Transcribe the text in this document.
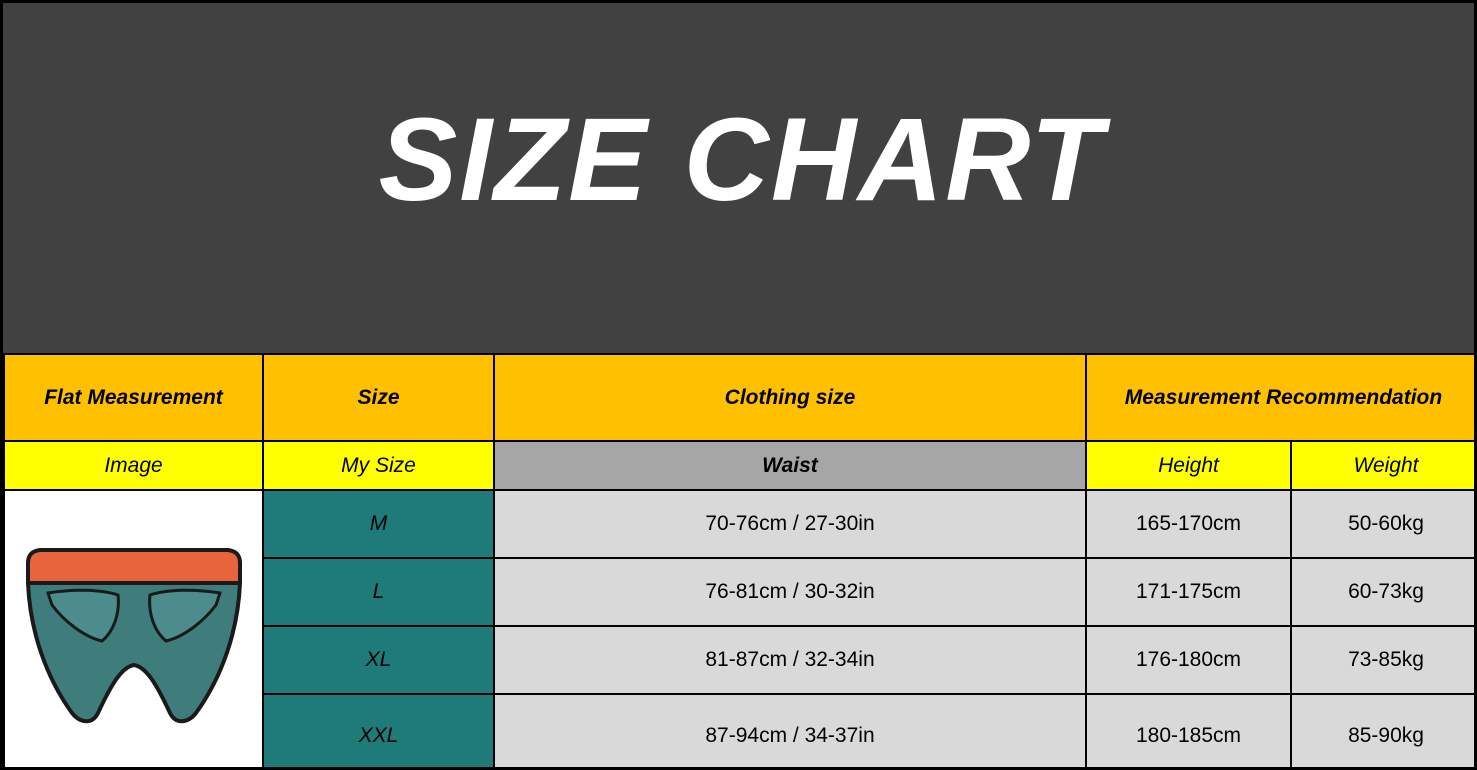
SIZE CHART
Flat Measurement	Size	Clothing size	Measurement Recommendation	
Image	My Size	Waist	Height	Weight

	M	70-76cm / 27-30in	165-170cm	50-60kg
	L	76-81cm / 30-32in	171-175cm	60-73kg
	XL	81-87cm / 32-34in	176-180cm	73-85kg
	XXL	87-94cm / 34-37in	180-185cm	85-90kg
